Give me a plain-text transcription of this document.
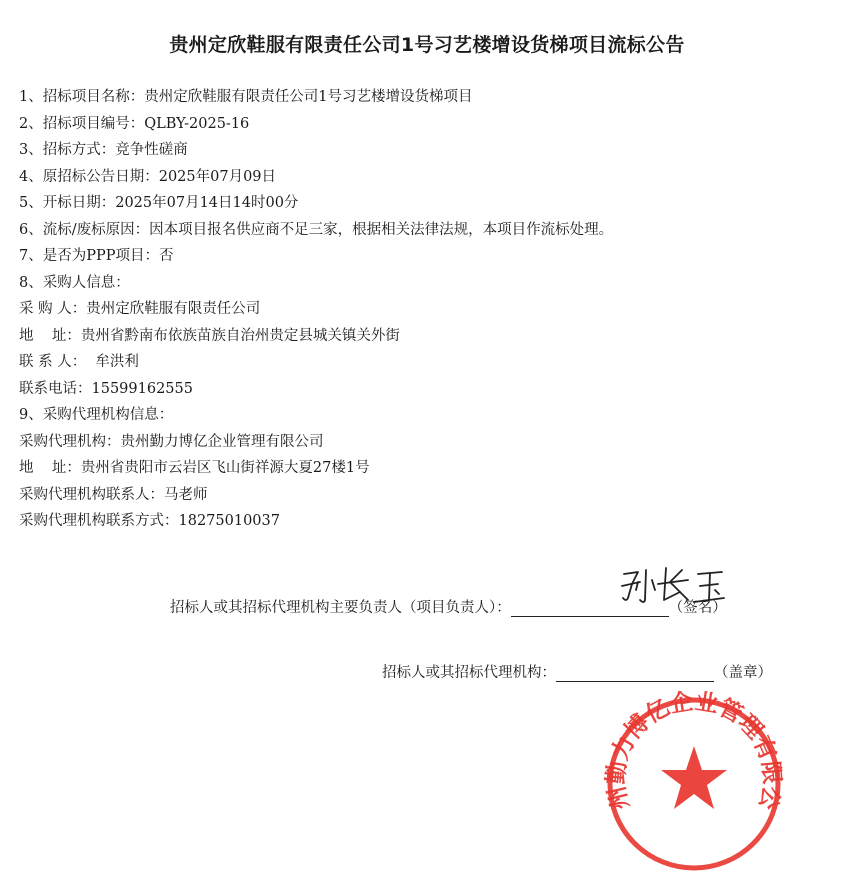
贵州定欣鞋服有限责任公司1号习艺楼增设货梯项目流标公告
1、招标项目名称：贵州定欣鞋服有限责任公司1号习艺楼增设货梯项目
2、招标项目编号：QLBY-2025-16
3、招标方式：竞争性磋商
4、原招标公告日期：2025年07月09日
5、开标日期：2025年07月14日14时00分
6、流标/废标原因：因本项目报名供应商不足三家，根据相关法律法规，本项目作流标处理。
7、是否为PPP项目：否
8、采购人信息：
采 购 人：贵州定欣鞋服有限责任公司
地    址：贵州省黔南布依族苗族自治州贵定县城关镇关外街
联 系 人：  牟洪利
联系电话：15599162555
9、采购代理机构信息：
采购代理机构：贵州勤力博亿企业管理有限公司
地    址：贵州省贵阳市云岩区飞山街祥源大夏27楼1号
采购代理机构联系人：马老师
采购代理机构联系方式：18275010037
招标人或其招标代理机构主要负责人（项目负责人）：	（签名）
招标人或其招标代理机构：	（盖章）
州勤力博亿企业管理有限公
